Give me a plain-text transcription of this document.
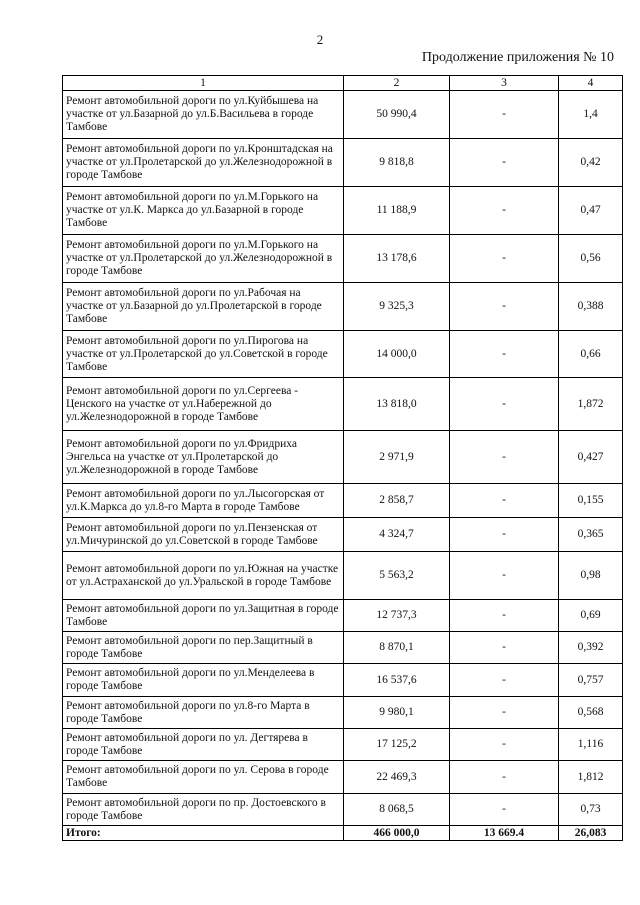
2
Продолжение приложения № 10
1	2	3	4
Ремонт автомобильной дороги по ул.Куйбышева на участке от ул.Базарной до ул.Б.Васильева в городе Тамбове	50 990,4	-	1,4
Ремонт автомобильной дороги по ул.Кронштадская на участке от ул.Пролетарской до ул.Железнодорожной в городе Тамбове	9 818,8	-	0,42
Ремонт автомобильной дороги по ул.М.Горького на участке от ул.К. Маркса до ул.Базарной в городе Тамбове	11 188,9	-	0,47
Ремонт автомобильной дороги по ул.М.Горького на участке от ул.Пролетарской до ул.Железнодорожной в городе Тамбове	13 178,6	-	0,56
Ремонт автомобильной дороги по ул.Рабочая на участке от ул.Базарной до ул.Пролетарской в городе Тамбове	9 325,3	-	0,388
Ремонт автомобильной дороги по ул.Пирогова на участке от ул.Пролетарской до ул.Советской в городе Тамбове	14 000,0	-	0,66
Ремонт автомобильной дороги по ул.Сергеева - Ценского на участке от ул.Набережной до ул.Железнодорожной в городе Тамбове	13 818,0	-	1,872
Ремонт автомобильной дороги по ул.Фридриха Энгельса на участке от ул.Пролетарской до ул.Железнодорожной в городе Тамбове	2 971,9	-	0,427
Ремонт автомобильной дороги по ул.Лысогорская от ул.К.Маркса до ул.8-го Марта в городе Тамбове	2 858,7	-	0,155
Ремонт автомобильной дороги по ул.Пензенская от ул.Мичуринской до ул.Советской в городе Тамбове	4 324,7	-	0,365
Ремонт автомобильной дороги по ул.Южная на участке от ул.Астраханской до ул.Уральской в городе Тамбове	5 563,2	-	0,98
Ремонт автомобильной дороги по ул.Защитная в городе Тамбове	12 737,3	-	0,69
Ремонт автомобильной дороги по пер.Защитный в городе Тамбове	8 870,1	-	0,392
Ремонт автомобильной дороги по ул.Менделеева в городе Тамбове	16 537,6	-	0,757
Ремонт автомобильной дороги по ул.8-го Марта в городе Тамбове	9 980,1	-	0,568
Ремонт автомобильной дороги по ул. Дегтярева в городе Тамбове	17 125,2	-	1,116
Ремонт автомобильной дороги по ул. Серова в городе Тамбове	22 469,3	-	1,812
Ремонт автомобильной дороги по пр. Достоевского в городе Тамбове	8 068,5	-	0,73
Итого:	466 000,0	13 669.4	26,083
